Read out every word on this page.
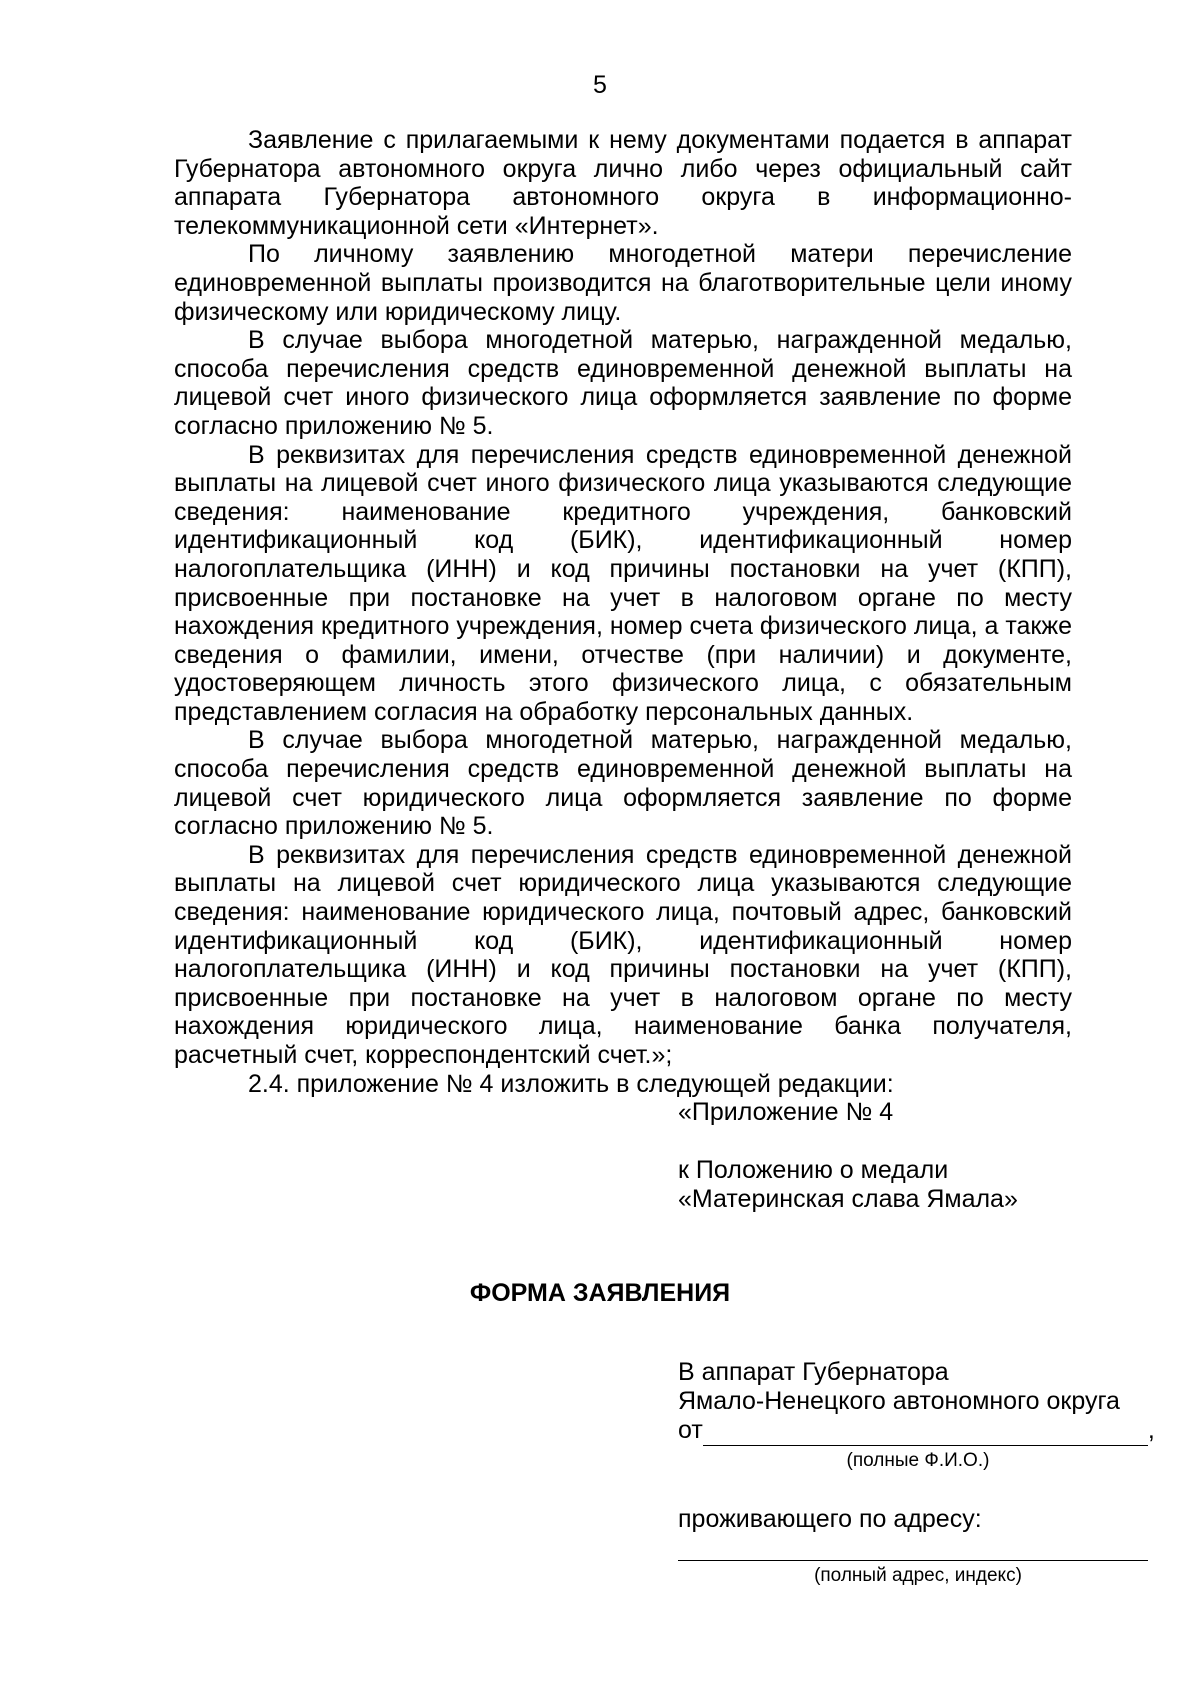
5

Заявление с прилагаемыми к нему документами подается в аппарат Губернатора автономного округа лично либо через официальный сайт аппарата Губернатора автономного округа в информационно-телекоммуникационной сети «Интернет».

По личному заявлению многодетной матери перечисление единовременной выплаты производится на благотворительные цели иному физическому или юридическому лицу.

В случае выбора многодетной матерью, награжденной медалью, способа перечисления средств единовременной денежной выплаты на лицевой счет иного физического лица оформляется заявление по форме согласно приложению № 5.

В реквизитах для перечисления средств единовременной денежной выплаты на лицевой счет иного физического лица указываются следующие сведения: наименование кредитного учреждения, банковский идентификационный код (БИК), идентификационный номер налогоплательщика (ИНН) и код причины постановки на учет (КПП), присвоенные при постановке на учет в налоговом органе по месту нахождения кредитного учреждения, номер счета физического лица, а также сведения о фамилии, имени, отчестве (при наличии) и документе, удостоверяющем личность этого физического лица, с обязательным представлением согласия на обработку персональных данных.

В случае выбора многодетной матерью, награжденной медалью, способа перечисления средств единовременной денежной выплаты на лицевой счет юридического лица оформляется заявление по форме согласно приложению № 5.

В реквизитах для перечисления средств единовременной денежной выплаты на лицевой счет юридического лица указываются следующие сведения: наименование юридического лица, почтовый адрес, банковский идентификационный код (БИК), идентификационный номер налогоплательщика (ИНН) и код причины постановки на учет (КПП), присвоенные при постановке на учет в налоговом органе по месту нахождения юридического лица, наименование банка получателя, расчетный счет, корреспондентский счет.»;

2.4. приложение № 4 изложить в следующей редакции:

«Приложение № 4
к Положению о медали
«Материнская слава Ямала»
ФОРМА ЗАЯВЛЕНИЯ
В аппарат Губернатора
Ямало-Ненецкого автономного округа
от	,
(полные Ф.И.О.)
проживающего по адресу:
(полный адрес, индекс)
